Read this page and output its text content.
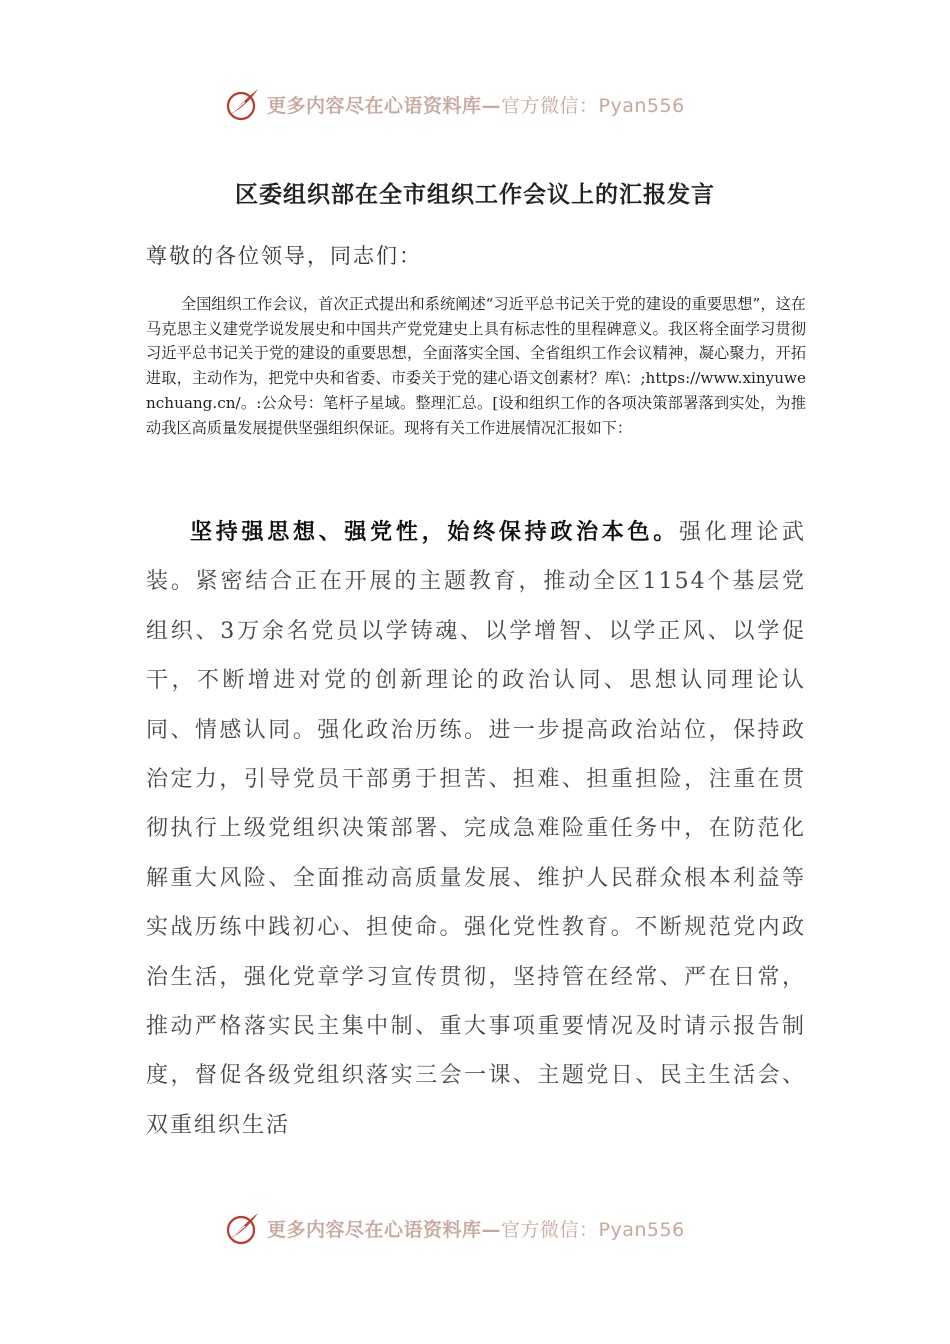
更多内容尽在心语资料库—官方微信：Pyan556
区委组织部在全市组织工作会议上的汇报发言
尊敬的各位领导，同志们：
全国组织工作会议，首次正式提出和系统阐述“习近平总书记关于党的建设的重要思想”，这在马克思主义建党学说发展史和中国共产党党建史上具有标志性的里程碑意义。我区将全面学习贯彻习近平总书记关于党的建设的重要思想，全面落实全国、全省组织工作会议精神，凝心聚力，开拓进取，主动作为，把党中央和省委、市委关于党的建心语文创素材？库\：;https://www.xinyuwenchuang.cn/。:公众号：笔杆子星域。整理汇总。[设和组织工作的各项决策部署落到实处，为推动我区高质量发展提供坚强组织保证。现将有关工作进展情况汇报如下：
坚持强思想、强党性，始终保持政治本色。强化理论武装。紧密结合正在开展的主题教育，推动全区1154个基层党组织、3万余名党员以学铸魂、以学增智、以学正风、以学促干，不断增进对党的创新理论的政治认同、思想认同理论认同、情感认同。强化政治历练。进一步提高政治站位，保持政治定力，引导党员干部勇于担苦、担难、担重担险，注重在贯彻执行上级党组织决策部署、完成急难险重任务中，在防范化解重大风险、全面推动高质量发展、维护人民群众根本利益等实战历练中践初心、担使命。强化党性教育。不断规范党内政治生活，强化党章学习宣传贯彻，坚持管在经常、严在日常，推动严格落实民主集中制、重大事项重要情况及时请示报告制度，督促各级党组织落实三会一课、主题党日、民主生活会、双重组织生活
更多内容尽在心语资料库—官方微信：Pyan556
